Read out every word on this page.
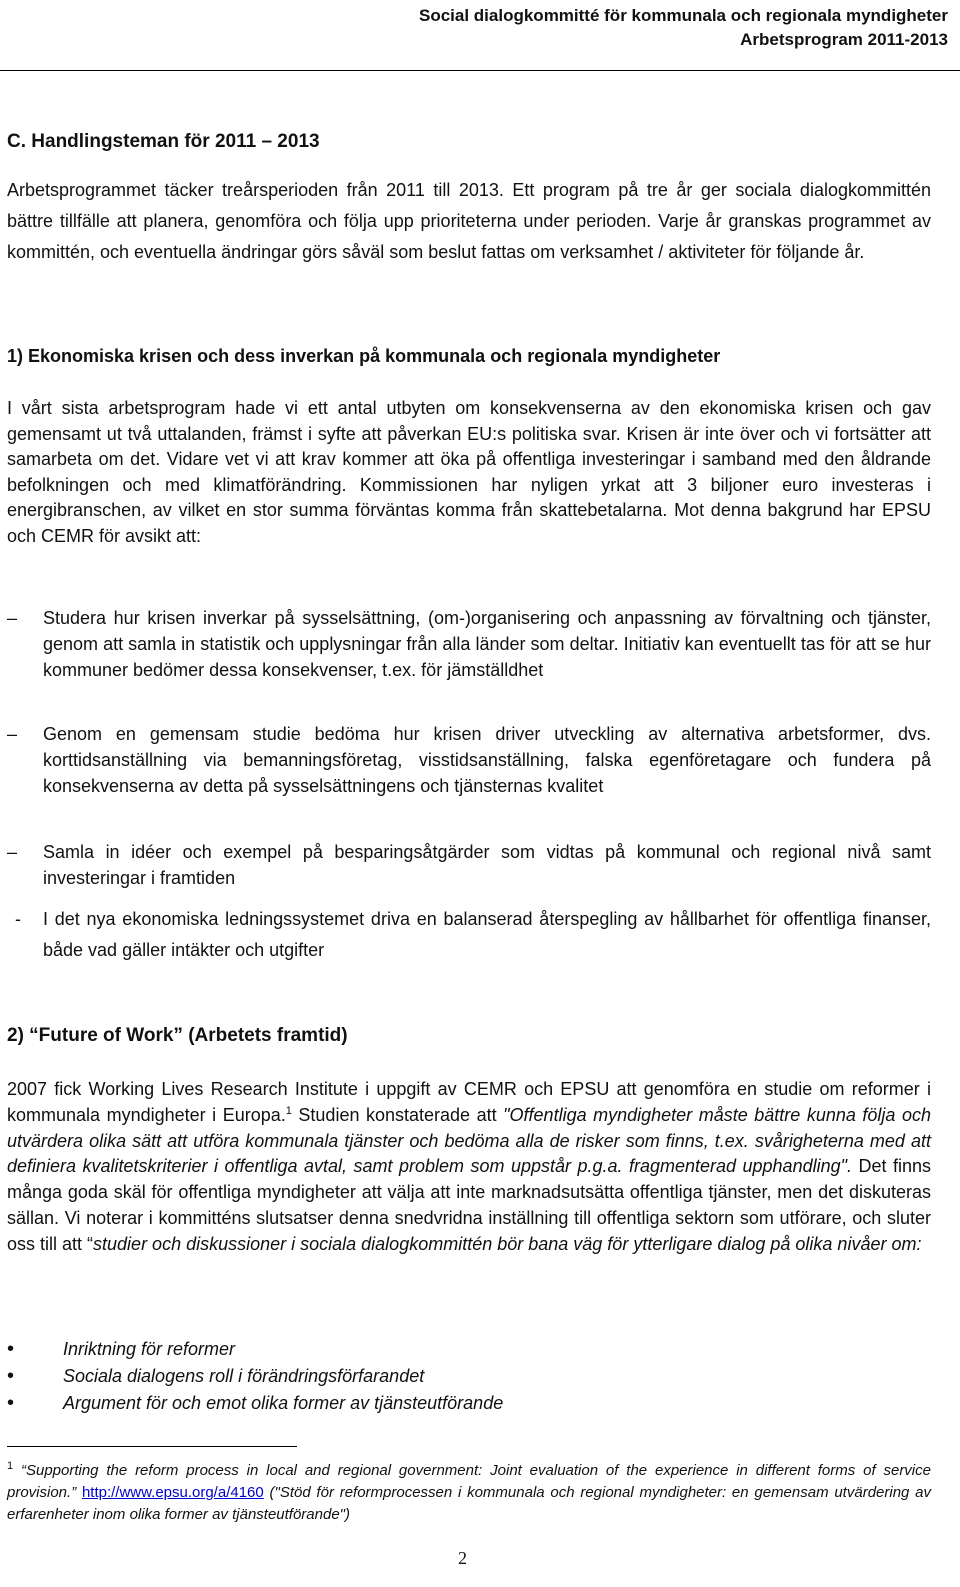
Social dialogkommitté för kommunala och regionala myndigheter
Arbetsprogram 2011-2013
C. Handlingsteman för 2011 – 2013
Arbetsprogrammet täcker treårsperioden från 2011 till 2013. Ett program på tre år ger sociala dialogkommittén bättre tillfälle att planera, genomföra och följa upp prioriteterna under perioden. Varje år granskas programmet av kommittén, och eventuella ändringar görs såväl som beslut fattas om verksamhet / aktiviteter för följande år.
1) Ekonomiska krisen och dess inverkan på kommunala och regionala myndigheter
I vårt sista arbetsprogram hade vi ett antal utbyten om konsekvenserna av den ekonomiska krisen och gav gemensamt ut två uttalanden, främst i syfte att påverkan EU:s politiska svar. Krisen är inte över och vi fortsätter att samarbeta om det. Vidare vet vi att krav kommer att öka på offentliga investeringar i samband med den åldrande befolkningen och med klimatförändring. Kommissionen har nyligen yrkat att 3 biljoner euro investeras i energibranschen, av vilket en stor summa förväntas komma från skattebetalarna. Mot denna bakgrund har EPSU och CEMR för avsikt att:
– Studera hur krisen inverkar på sysselsättning, (om-)organisering och anpassning av förvaltning och tjänster, genom att samla in statistik och upplysningar från alla länder som deltar. Initiativ kan eventuellt tas för att se hur kommuner bedömer dessa konsekvenser, t.ex. för jämställdhet
– Genom en gemensam studie bedöma hur krisen driver utveckling av alternativa arbetsformer, dvs. korttidsanställning via bemanningsföretag, visstidsanställning, falska egenföretagare och fundera på konsekvenserna av detta på sysselsättningens och tjänsternas kvalitet
– Samla in idéer och exempel på besparingsåtgärder som vidtas på kommunal och regional nivå samt investeringar i framtiden
- I det nya ekonomiska ledningssystemet driva en balanserad återspegling av hållbarhet för offentliga finanser, både vad gäller intäkter och utgifter
2) “Future of Work” (Arbetets framtid)
2007 fick Working Lives Research Institute i uppgift av CEMR och EPSU att genomföra en studie om reformer i kommunala myndigheter i Europa.$^1$ Studien konstaterade att "Offentliga myndigheter måste bättre kunna följa och utvärdera olika sätt att utföra kommunala tjänster och bedöma alla de risker som finns, t.ex. svårigheterna med att definiera kvalitetskriterier i offentliga avtal, samt problem som uppstår p.g.a. fragmenterad upphandling". Det finns många goda skäl för offentliga myndigheter att välja att inte marknadsutsätta offentliga tjänster, men det diskuteras sällan. Vi noterar i kommitténs slutsatser denna snedvridna inställning till offentliga sektorn som utförare, och sluter oss till att “studier och diskussioner i sociala dialogkommittén bör bana väg för ytterligare dialog på olika nivåer om:
•	Inriktning för reformer
•	Sociala dialogens roll i förändringsförfarandet
•	Argument för och emot olika former av tjänsteutförande
$^1$ “Supporting the reform process in local and regional government: Joint evaluation of the experience in different forms of service provision.” http://www.epsu.org/a/4160 ("Stöd för reformprocessen i kommunala och regional myndigheter: en gemensam utvärdering av erfarenheter inom olika former av tjänsteutförande")
2
